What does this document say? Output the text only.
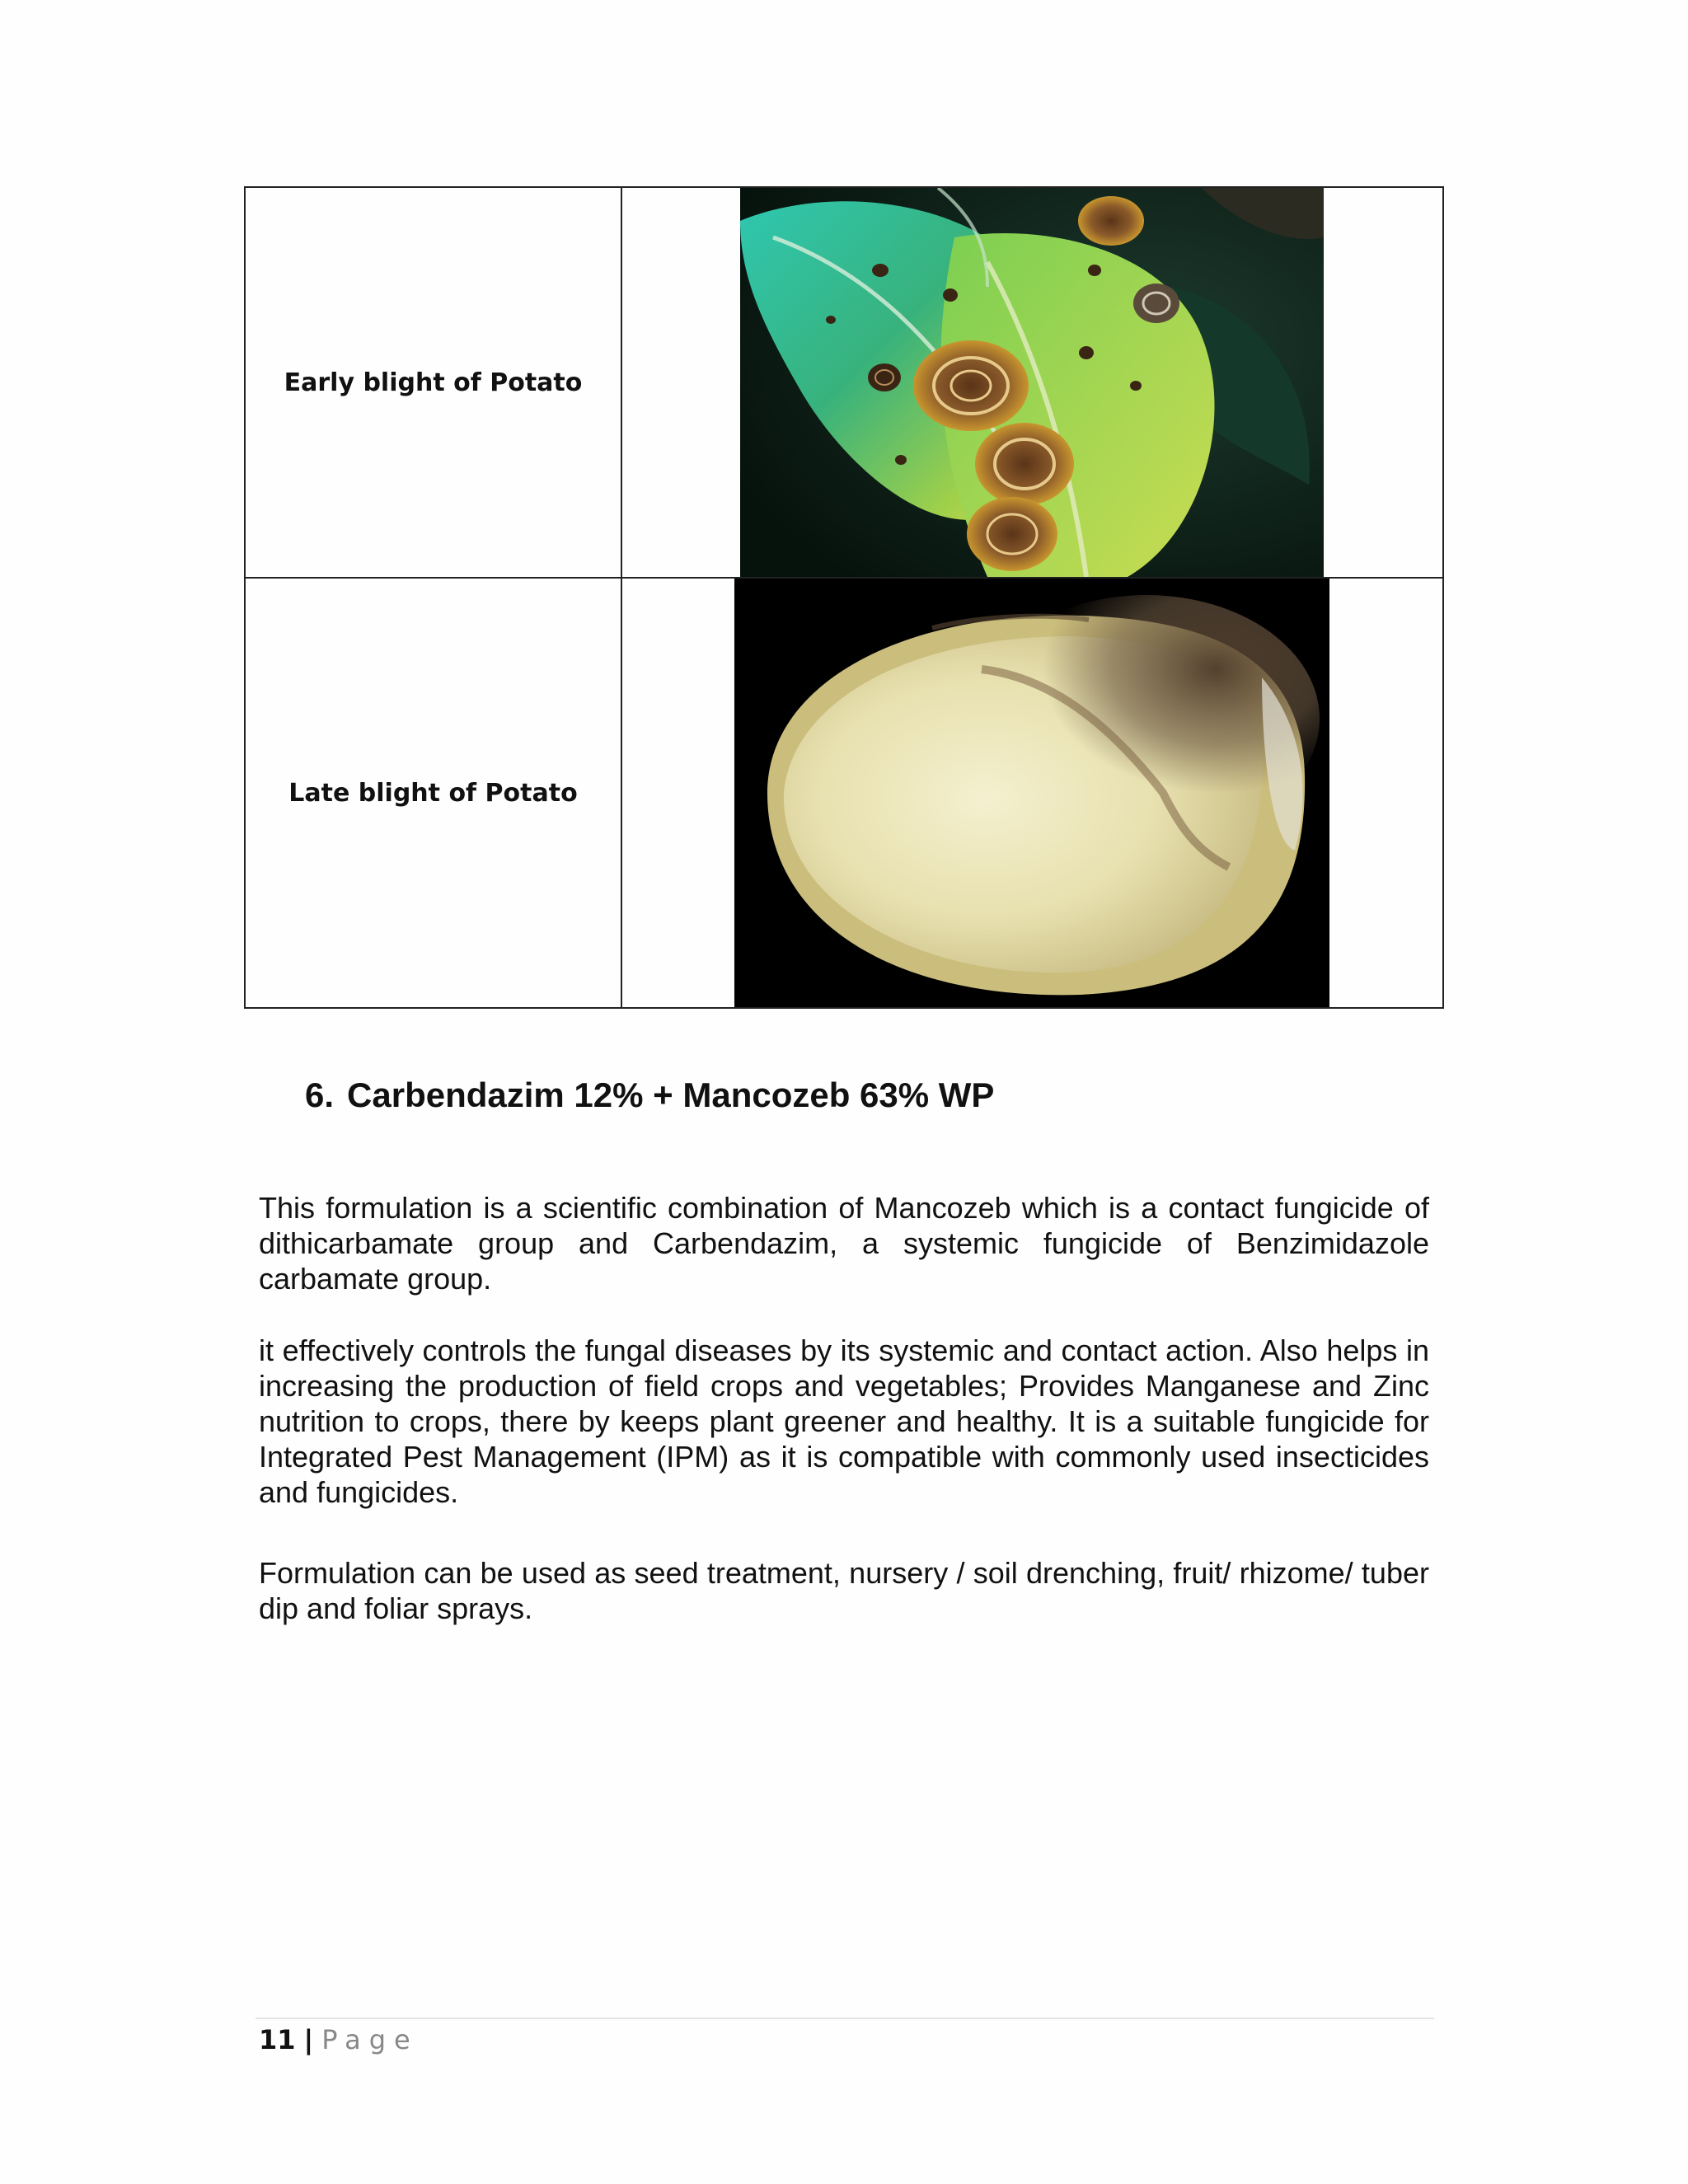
Early blight of Potato
Late blight of Potato
6. Carbendazim 12% + Mancozeb 63% WP

This formulation is a scientific combination of Mancozeb which is a contact fungicide of dithicarbamate group and Carbendazim, a systemic fungicide of Benzimidazole carbamate group.

it effectively controls the fungal diseases by its systemic and contact action. Also helps in increasing the production of field crops and vegetables; Provides Manganese and Zinc nutrition to crops, there by keeps plant greener and healthy. It is a suitable fungicide for Integrated Pest Management (IPM) as it is compatible with commonly used insecticides and fungicides.

Formulation can be used as seed treatment, nursery / soil drenching, fruit/ rhizome/ tuber dip and foliar sprays.

11 | Page
